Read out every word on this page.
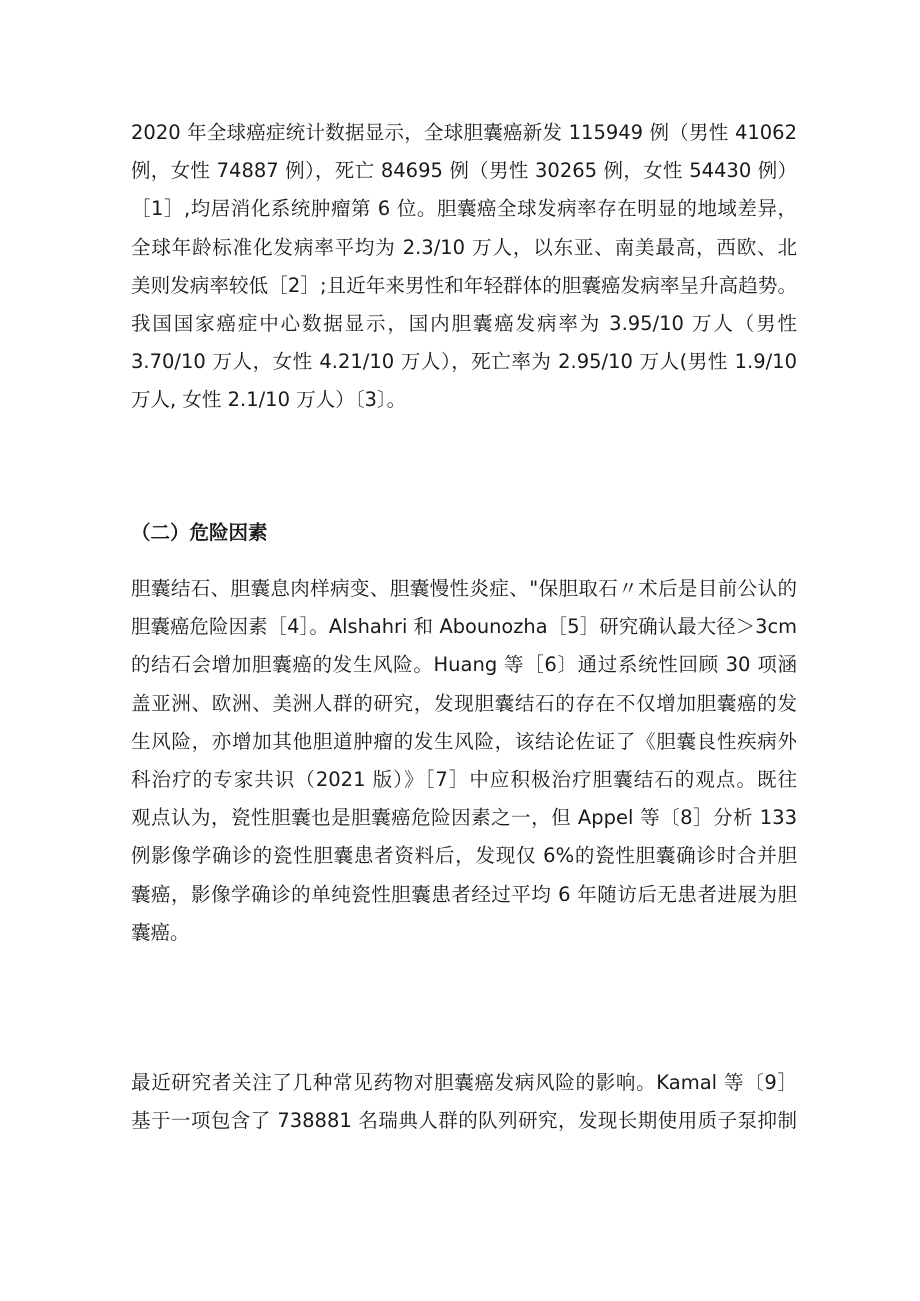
2020 年全球癌症统计数据显示，全球胆囊癌新发 115949 例（男性 41062
例，女性 74887 例），死亡 84695 例（男性 30265 例，女性 54430 例）
［1］,均居消化系统肿瘤第 6 位。胆囊癌全球发病率存在明显的地域差异，
全球年龄标准化发病率平均为 2.3/10 万人，以东亚、南美最高，西欧、北
美则发病率较低［2］;且近年来男性和年轻群体的胆囊癌发病率呈升高趋势。
我国国家癌症中心数据显示，国内胆囊癌发病率为 3.95/10 万人（男性
3.70/10 万人，女性 4.21/10 万人），死亡率为 2.95/10 万人(男性 1.9/10
万人, 女性 2.1/10 万人）〔3〕。
（二）危险因素
胆囊结石、胆囊息肉样病变、胆囊慢性炎症、"保胆取石〃术后是目前公认的
胆囊癌危险因素［4］。Alshahri 和 Abounozha［5］研究确认最大径＞3cm
的结石会增加胆囊癌的发生风险。Huang 等［6〕通过系统性回顾 30 项涵
盖亚洲、欧洲、美洲人群的研究，发现胆囊结石的存在不仅增加胆囊癌的发
生风险，亦增加其他胆道肿瘤的发生风险，该结论佐证了《胆囊良性疾病外
科治疗的专家共识（2021 版）》［7］中应积极治疗胆囊结石的观点。既往
观点认为，瓷性胆囊也是胆囊癌危险因素之一，但 Appel 等〔8］分析 133
例影像学确诊的瓷性胆囊患者资料后，发现仅 6%的瓷性胆囊确诊时合并胆
囊癌，影像学确诊的单纯瓷性胆囊患者经过平均 6 年随访后无患者进展为胆
囊癌。
最近研究者关注了几种常见药物对胆囊癌发病风险的影响。Kamal 等〔9］
基于一项包含了 738881 名瑞典人群的队列研究，发现长期使用质子泵抑制
